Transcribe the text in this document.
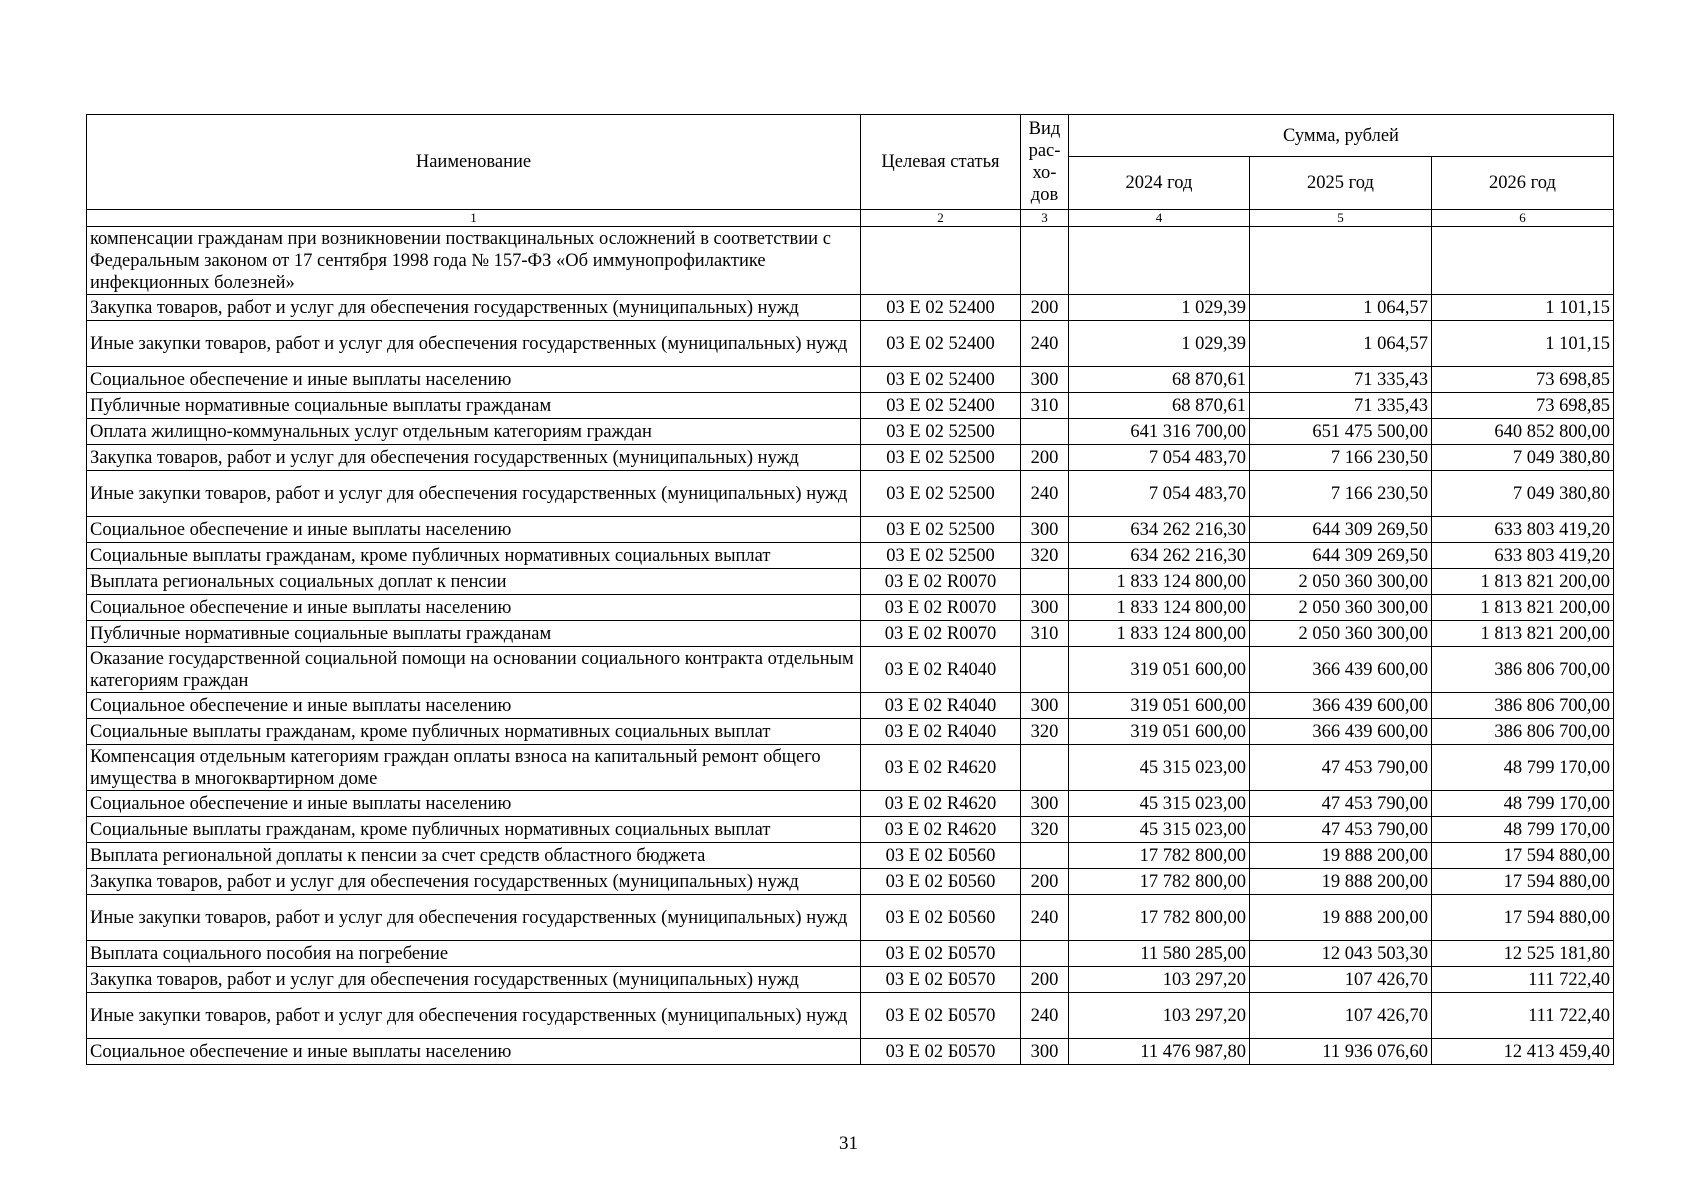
Наименование	Целевая статья	Вид рас-хо-дов	Сумма, рублей		
			2024 год	2025 год	2026 год
1	2	3	4	5	6
компенсации гражданам при возникновении поствакцинальных осложнений в соответствии с Федеральным законом от 17 сентября 1998 года № 157-ФЗ «Об иммунопрофилактике инфекционных болезней»					
Закупка товаров, работ и услуг для обеспечения государственных (муниципальных) нужд	03 Е 02 52400	200	1 029,39	1 064,57	1 101,15
Иные закупки товаров, работ и услуг для обеспечения государственных (муниципальных) нужд	03 Е 02 52400	240	1 029,39	1 064,57	1 101,15
Социальное обеспечение и иные выплаты населению	03 Е 02 52400	300	68 870,61	71 335,43	73 698,85
Публичные нормативные социальные выплаты гражданам	03 Е 02 52400	310	68 870,61	71 335,43	73 698,85
Оплата жилищно-коммунальных услуг отдельным категориям граждан	03 Е 02 52500		641 316 700,00	651 475 500,00	640 852 800,00
Закупка товаров, работ и услуг для обеспечения государственных (муниципальных) нужд	03 Е 02 52500	200	7 054 483,70	7 166 230,50	7 049 380,80
Иные закупки товаров, работ и услуг для обеспечения государственных (муниципальных) нужд	03 Е 02 52500	240	7 054 483,70	7 166 230,50	7 049 380,80
Социальное обеспечение и иные выплаты населению	03 Е 02 52500	300	634 262 216,30	644 309 269,50	633 803 419,20
Социальные выплаты гражданам, кроме публичных нормативных социальных выплат	03 Е 02 52500	320	634 262 216,30	644 309 269,50	633 803 419,20
Выплата региональных социальных доплат к пенсии	03 Е 02 R0070		1 833 124 800,00	2 050 360 300,00	1 813 821 200,00
Социальное обеспечение и иные выплаты населению	03 Е 02 R0070	300	1 833 124 800,00	2 050 360 300,00	1 813 821 200,00
Публичные нормативные социальные выплаты гражданам	03 Е 02 R0070	310	1 833 124 800,00	2 050 360 300,00	1 813 821 200,00
Оказание государственной социальной помощи на основании социального контракта отдельным категориям граждан	03 Е 02 R4040		319 051 600,00	366 439 600,00	386 806 700,00
Социальное обеспечение и иные выплаты населению	03 Е 02 R4040	300	319 051 600,00	366 439 600,00	386 806 700,00
Социальные выплаты гражданам, кроме публичных нормативных социальных выплат	03 Е 02 R4040	320	319 051 600,00	366 439 600,00	386 806 700,00
Компенсация отдельным категориям граждан оплаты взноса на капитальный ремонт общего имущества в многоквартирном доме	03 Е 02 R4620		45 315 023,00	47 453 790,00	48 799 170,00
Социальное обеспечение и иные выплаты населению	03 Е 02 R4620	300	45 315 023,00	47 453 790,00	48 799 170,00
Социальные выплаты гражданам, кроме публичных нормативных социальных выплат	03 Е 02 R4620	320	45 315 023,00	47 453 790,00	48 799 170,00
Выплата региональной доплаты к пенсии за счет средств областного бюджета	03 Е 02 Б0560		17 782 800,00	19 888 200,00	17 594 880,00
Закупка товаров, работ и услуг для обеспечения государственных (муниципальных) нужд	03 Е 02 Б0560	200	17 782 800,00	19 888 200,00	17 594 880,00
Иные закупки товаров, работ и услуг для обеспечения государственных (муниципальных) нужд	03 Е 02 Б0560	240	17 782 800,00	19 888 200,00	17 594 880,00
Выплата социального пособия на погребение	03 Е 02 Б0570		11 580 285,00	12 043 503,30	12 525 181,80
Закупка товаров, работ и услуг для обеспечения государственных (муниципальных) нужд	03 Е 02 Б0570	200	103 297,20	107 426,70	111 722,40
Иные закупки товаров, работ и услуг для обеспечения государственных (муниципальных) нужд	03 Е 02 Б0570	240	103 297,20	107 426,70	111 722,40
Социальное обеспечение и иные выплаты населению	03 Е 02 Б0570	300	11 476 987,80	11 936 076,60	12 413 459,40
31
